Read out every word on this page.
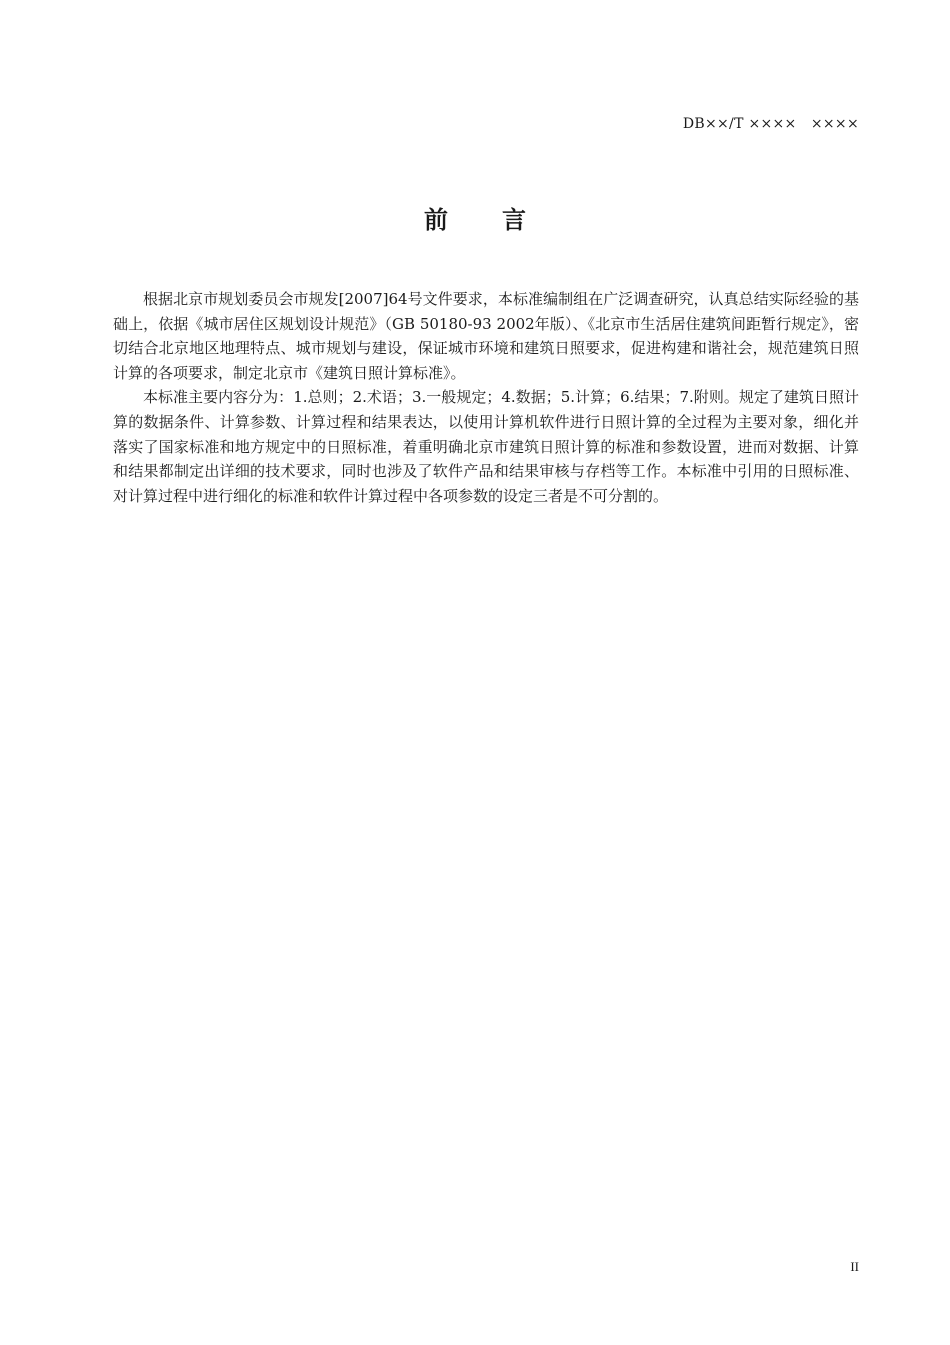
DB××/T ××××　××××
前言

根据北京市规划委员会市规发[2007]64号文件要求，本标准编制组在广泛调查研究，认真总结实际经验的基础上，依据《城市居住区规划设计规范》（GB 50180-93 2002年版）、《北京市生活居住建筑间距暂行规定》，密切结合北京地区地理特点、城市规划与建设，保证城市环境和建筑日照要求，促进构建和谐社会，规范建筑日照计算的各项要求，制定北京市《建筑日照计算标准》。

本标准主要内容分为：1.总则；2.术语；3.一般规定；4.数据；5.计算；6.结果；7.附则。规定了建筑日照计算的数据条件、计算参数、计算过程和结果表达，以使用计算机软件进行日照计算的全过程为主要对象，细化并落实了国家标准和地方规定中的日照标准，着重明确北京市建筑日照计算的标准和参数设置，进而对数据、计算和结果都制定出详细的技术要求，同时也涉及了软件产品和结果审核与存档等工作。本标准中引用的日照标准、对计算过程中进行细化的标准和软件计算过程中各项参数的设定三者是不可分割的。

II
